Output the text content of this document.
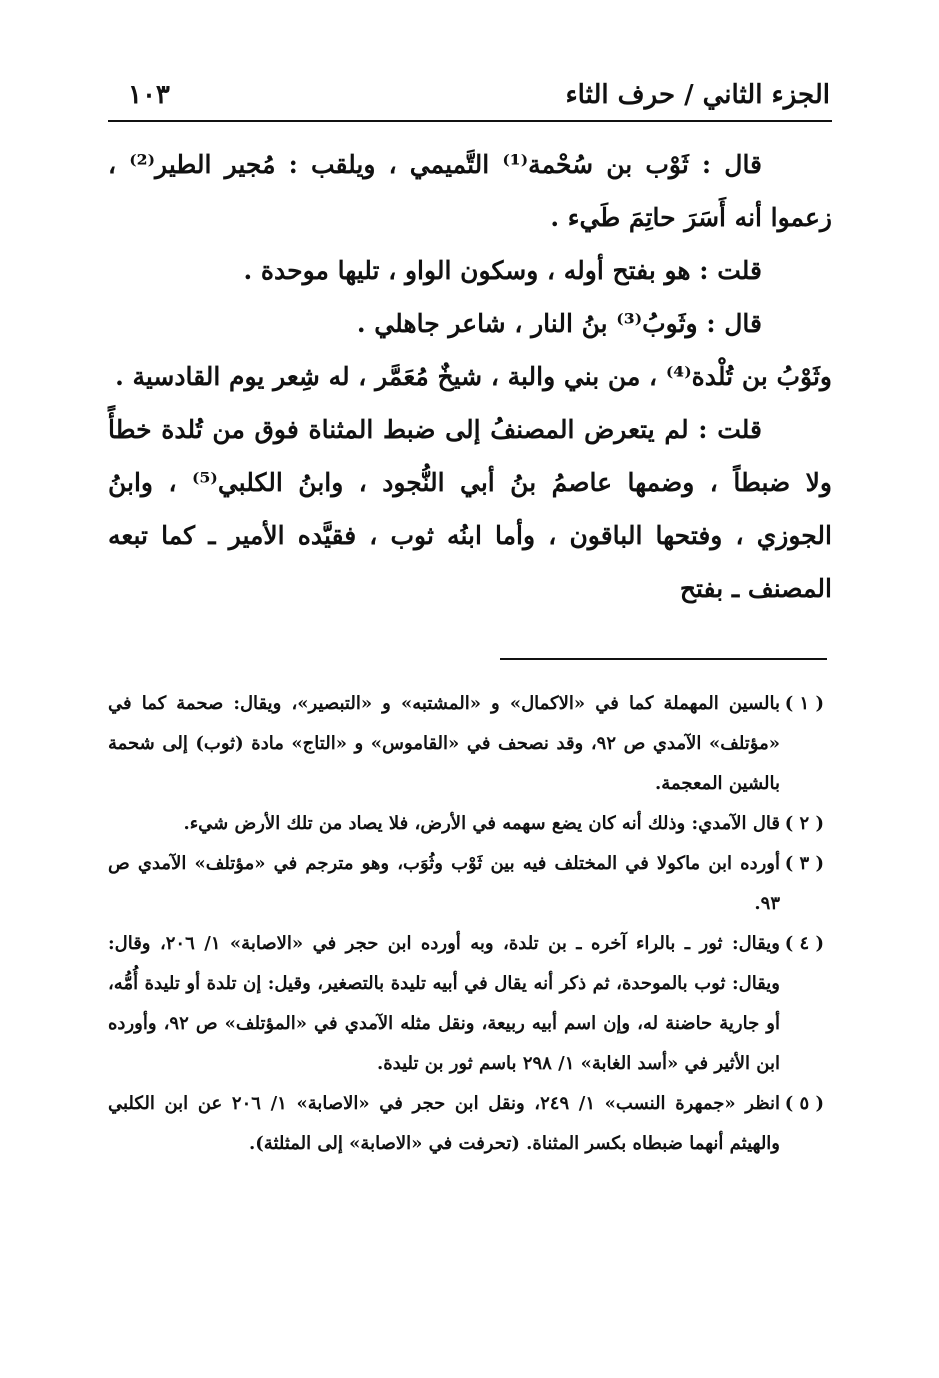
الجزء الثاني / حرف الثاء
١٠٣

قال : ثَوْب بن سُحْمة⁽¹⁾ التَّميمي ، ويلقب : مُجير الطير⁽²⁾ ، زعموا أنه أَسَرَ حاتِمَ طَيء .

قلت : هو بفتح أوله ، وسكون الواو ، تليها موحدة .

قال : وثَوبُ⁽³⁾ بنُ النار ، شاعر جاهلي .

وثَوْبُ بن تُلْدة⁽⁴⁾ ، من بني والبة ، شيخٌ مُعَمَّر ، له شِعر يوم القادسية .

قلت : لم يتعرض المصنفُ إلى ضبط المثناة فوق من تُلدة خطأً ولا ضبطاً ، وضمها عاصمُ بنُ أبي النُّجود ، وابنُ الكلبي⁽⁵⁾ ، وابنُ الجوزي ، وفتحها الباقون ، وأما ابنُه ثوب ، فقيَّده الأمير ـ كما تبعه المصنف ـ بفتح

( ١ )
بالسين المهملة كما في «الاكمال» و «المشتبه» و «التبصير»، ويقال: صحمة كما في «مؤتلف» الآمدي ص ٩٢، وقد نصحف في «القاموس» و «التاج» مادة (ثوب) إلى شحمة بالشين المعجمة.
( ٢ )
قال الآمدي: وذلك أنه كان يضع سهمه في الأرض، فلا يصاد من تلك الأرض شيء.
( ٣ )
أورده ابن ماكولا في المختلف فيه بين ثَوْب وثُوَب، وهو مترجم في «مؤتلف» الآمدي ص ٩٣.
( ٤ )
ويقال: ثور ـ بالراء آخره ـ بن تلدة، وبه أورده ابن حجر في «الاصابة» ١/ ٢٠٦، وقال: ويقال: ثوب بالموحدة، ثم ذكر أنه يقال في أبيه تليدة بالتصغير، وقيل: إن تلدة أو تليدة أُمُّه، أو جارية حاضنة له، وإن اسم أبيه ربيعة، ونقل مثله الآمدي في «المؤتلف» ص ٩٢، وأورده ابن الأثير في «أسد الغابة» ١/ ٢٩٨ باسم ثور بن تليدة.
( ٥ )
انظر «جمهرة النسب» ١/ ٢٤٩، ونقل ابن حجر في «الاصابة» ١/ ٢٠٦ عن ابن الكلبي والهيثم أنهما ضبطاه بكسر المثناة. (تحرفت في «الاصابة» إلى المثلثة).
